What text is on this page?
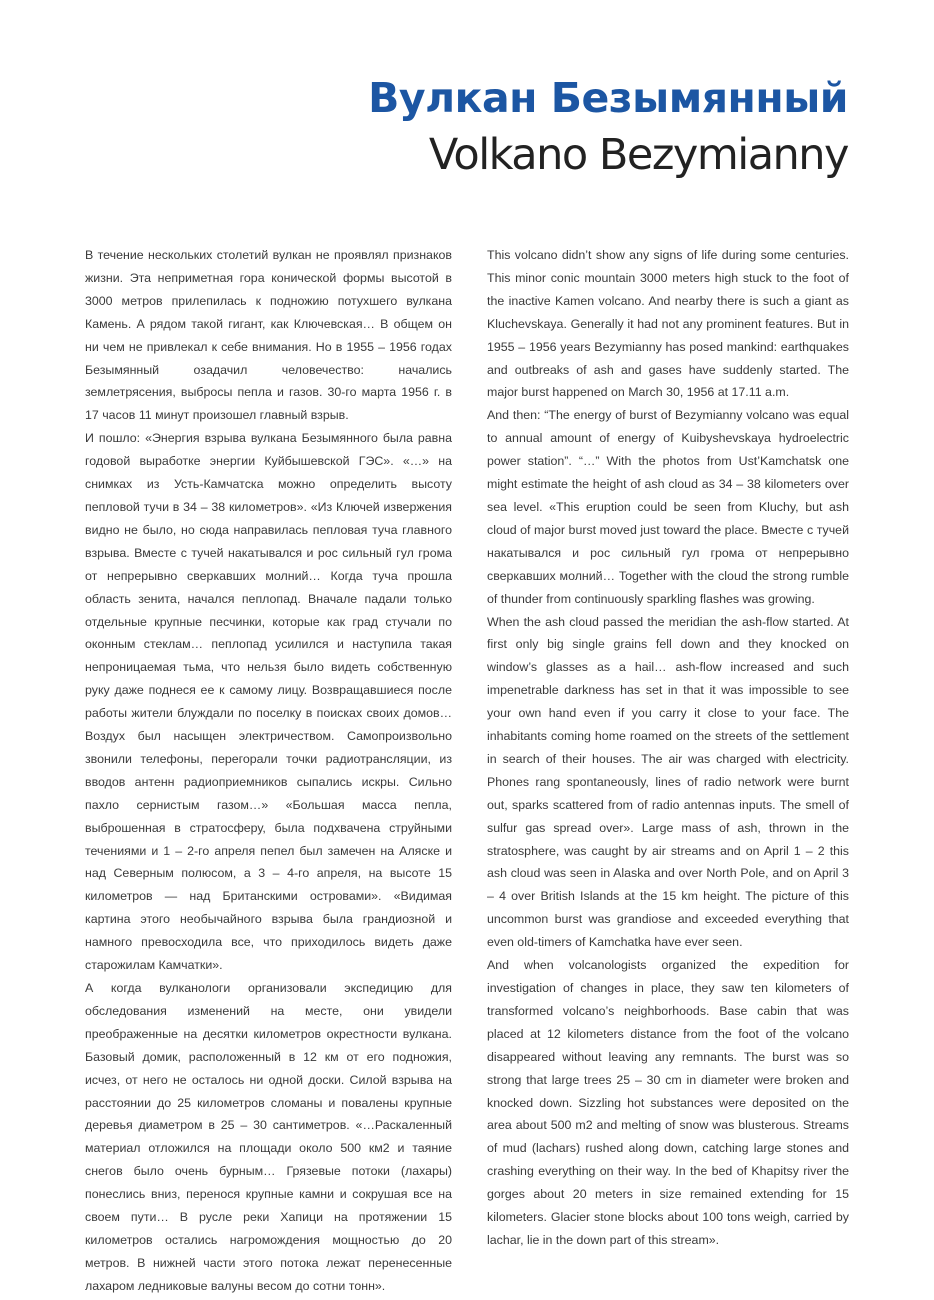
Вулкан Безымянный
Volkano Bezymianny

В течение нескольких столетий вулкан не проявлял признаков жизни. Эта неприметная гора конической формы высотой в 3000 метров прилепилась к подножию потухшего вулкана Камень. А рядом такой гигант, как Ключевская… В общем он ни чем не привлекал к себе внимания. Но в 1955 – 1956 годах Безымянный озадачил человечество: начались землетрясения, выбросы пепла и газов. 30-го марта 1956 г. в 17 часов 11 минут произошел главный взрыв.

И пошло: «Энергия взрыва вулкана Безымянного была равна годовой выработке энергии Куйбышевской ГЭС». «…» на снимках из Усть-Камчатска можно определить высоту пепловой тучи в 34 – 38 километров». «Из Ключей извержения видно не было, но сюда направилась пепловая туча главного взрыва. Вместе с тучей накатывался и рос сильный гул грома от непрерывно сверкавших молний… Когда туча прошла область зенита, начался пеплопад. Вначале падали только отдельные крупные песчинки, которые как град стучали по оконным стеклам… пеплопад усилился и наступила такая непроницаемая тьма, что нельзя было видеть собственную руку даже поднеся ее к самому лицу. Возвращавшиеся после работы жители блуждали по поселку в поисках своих домов… Воздух был насыщен электричеством. Самопроизвольно звонили телефоны, перегорали точки радиотрансляции, из вводов антенн радиоприемников сыпались искры. Сильно пахло сернистым газом…» «Большая масса пепла, выброшенная в стратосферу, была подхвачена струйными течениями и 1 – 2-го апреля пепел был замечен на Аляске и над Северным полюсом, а 3 – 4-го апреля, на высоте 15 километров — над Британскими островами». «Видимая картина этого необычайного взрыва была грандиозной и намного превосходила все, что приходилось видеть даже старожилам Камчатки».

А когда вулканологи организовали экспедицию для обследования изменений на месте, они увидели преображенные на десятки километров окрестности вулкана. Базовый домик, расположенный в 12 км от его подножия, исчез, от него не осталось ни одной доски. Силой взрыва на расстоянии до 25 километров сломаны и повалены крупные деревья диаметром в 25 – 30 сантиметров. «…Раскаленный материал отложился на площади около 500 км2 и таяние снегов было очень бурным… Грязевые потоки (лахары) понеслись вниз, перенося крупные камни и сокрушая все на своем пути… В русле реки Хапици на протяжении 15 километров остались нагромождения мощностью до 20 метров. В нижней части этого потока лежат перенесенные лахаром ледниковые валуны весом до сотни тонн».

This volcano didn’t show any signs of life during some centuries. This minor conic mountain 3000 meters high stuck to the foot of the inactive Kamen volcano. And nearby there is such a giant as Kluchevskaya. Generally it had not any prominent features. But in 1955 – 1956 years Bezymianny has posed mankind: earthquakes and outbreaks of ash and gases have suddenly started. The major burst happened on March 30, 1956 at 17.11 a.m.

And then: “The energy of burst of Bezymianny volcano was equal to annual amount of energy of Kuibyshevskaya hydroelectric power station”. “…” With the photos from Ust’Kamchatsk one might estimate the height of ash cloud as 34 – 38 kilometers over sea level. «This eruption could be seen from Kluchy, but ash cloud of major burst moved just toward the place. Вместе с тучей накатывался и рос сильный гул грома от непрерывно сверкавших молний… Together with the cloud the strong rumble of thunder from continuously sparkling flashes was growing.

When the ash cloud passed the meridian the ash-flow started. At first only big single grains fell down and they knocked on window’s glasses as a hail… ash-flow increased and such impenetrable darkness has set in that it was impossible to see your own hand even if you carry it close to your face. The inhabitants coming home roamed on the streets of the settlement in search of their houses. The air was charged with electricity. Phones rang spontaneously, lines of radio network were burnt out, sparks scattered from of radio antennas inputs. The smell of sulfur gas spread over». Large mass of ash, thrown in the stratosphere, was caught by air streams and on April 1 – 2 this ash cloud was seen in Alaska and over North Pole, and on April 3 – 4 over British Islands at the 15 km height. The picture of this uncommon burst was grandiose and exceeded everything that even old-timers of Kamchatka have ever seen.

And when volcanologists organized the expedition for investigation of changes in place, they saw ten kilometers of transformed volcano’s neighborhoods. Base cabin that was placed at 12 kilometers distance from the foot of the volcano disappeared without leaving any remnants. The burst was so strong that large trees 25 – 30 cm in diameter were broken and knocked down. Sizzling hot substances were deposited on the area about 500 m2 and melting of snow was blusterous. Streams of mud (lachars) rushed along down, catching large stones and crashing everything on their way. In the bed of Khapitsy river the gorges about 20 meters in size remained extending for 15 kilometers. Glacier stone blocks about 100 tons weigh, carried by lachar, lie in the down part of this stream».
